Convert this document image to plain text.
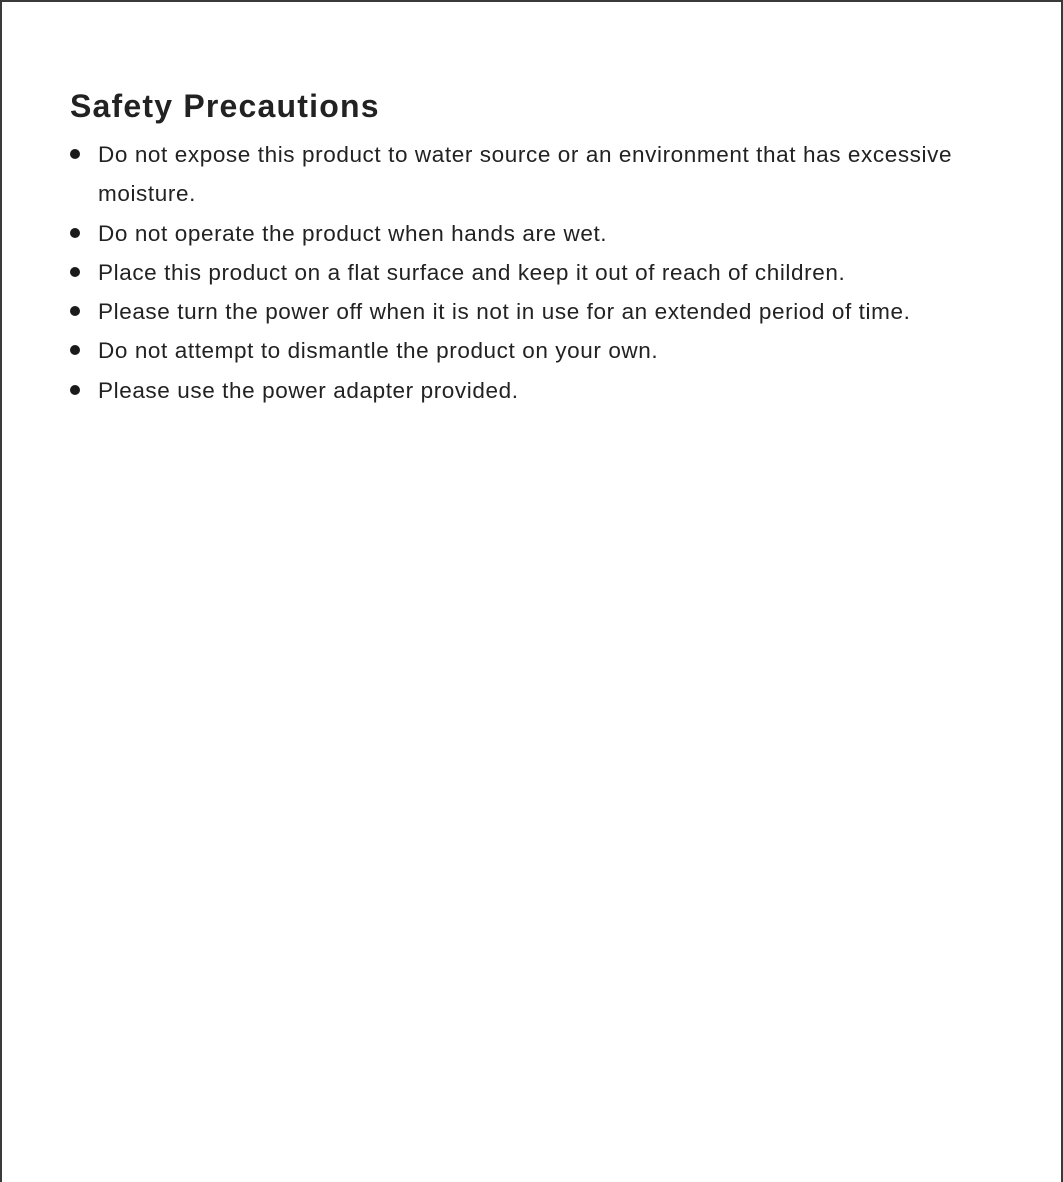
Safety Precautions
Do not expose this product to water source or an environment that has excessive moisture.
Do not operate the product when hands are wet.
Place this product on a flat surface and keep it out of reach of children.
Please turn the power off when it is not in use for an extended period of time.
Do not attempt to dismantle the product on your own.
Please use the power adapter provided.
